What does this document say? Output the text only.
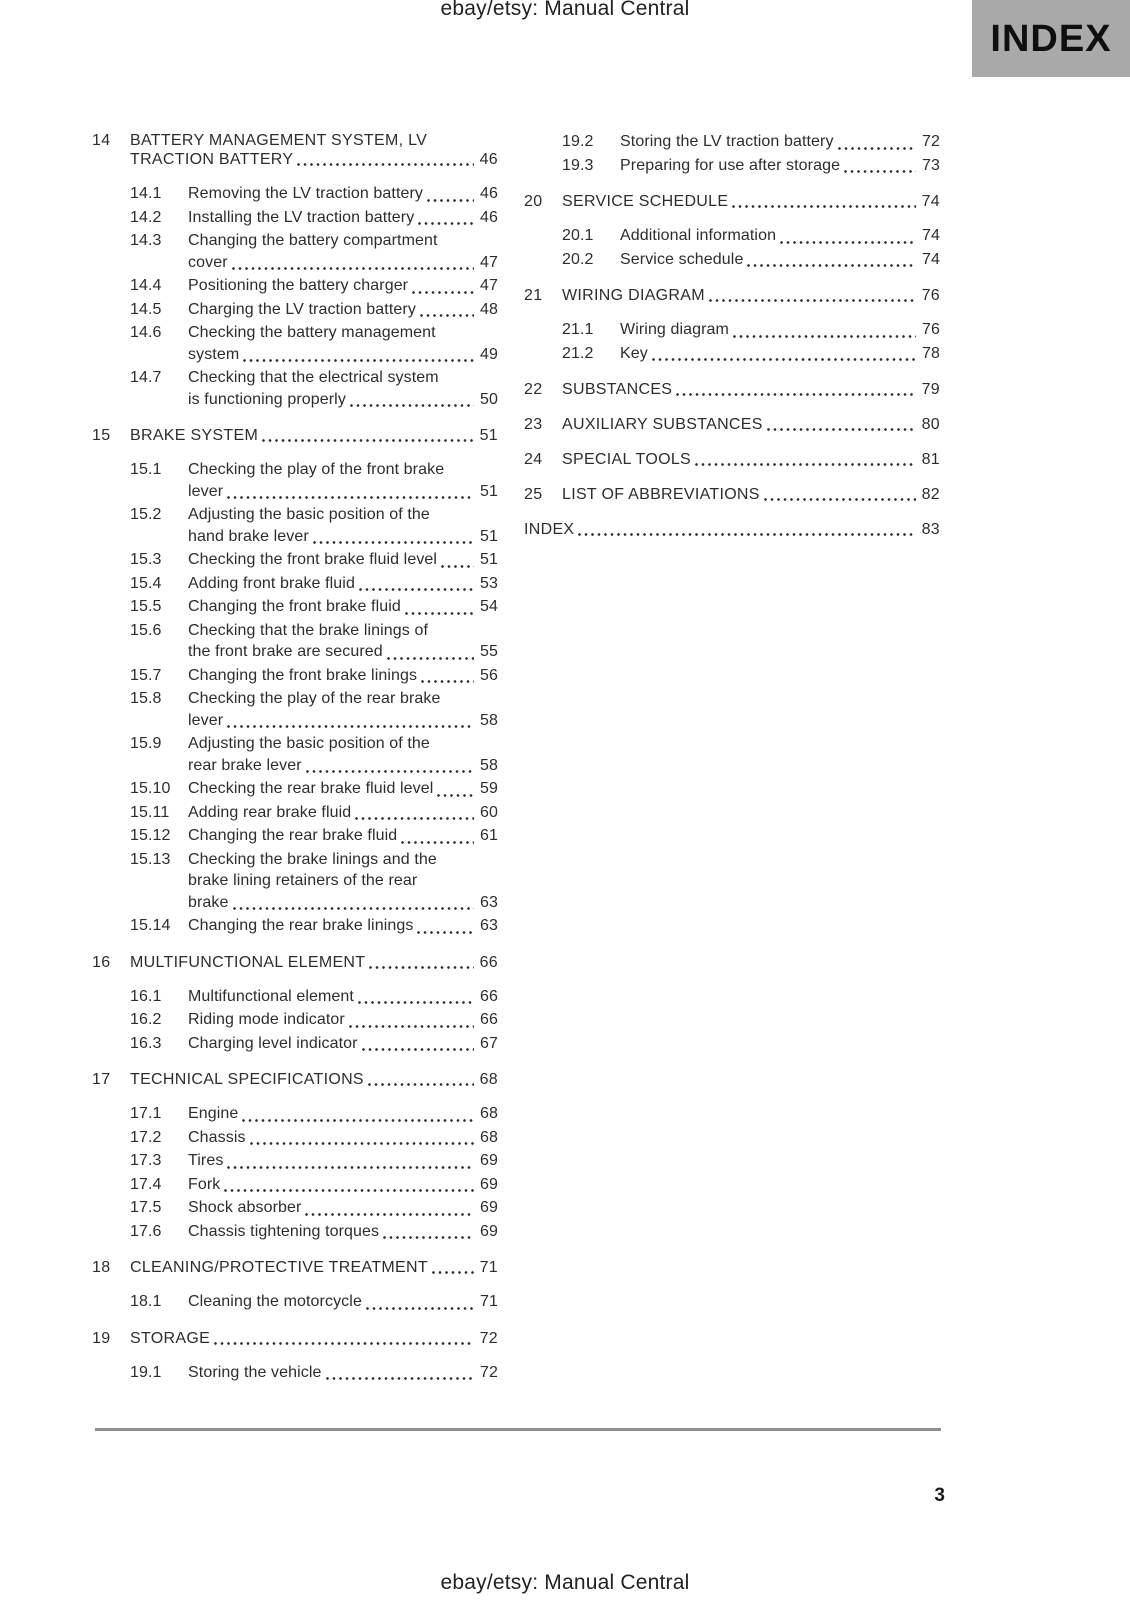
ebay/etsy: Manual Central
INDEX
14	BATTERY MANAGEMENT SYSTEM, LV
TRACTION BATTERY	46
14.1	Removing the LV traction battery	46
14.2	Installing the LV traction battery	46
14.3	Changing the battery compartment
cover	47
14.4	Positioning the battery charger	47
14.5	Charging the LV traction battery	48
14.6	Checking the battery management
system	49
14.7	Checking that the electrical system
is functioning properly	50
15	BRAKE SYSTEM	51
15.1	Checking the play of the front brake
lever	51
15.2	Adjusting the basic position of the
hand brake lever	51
15.3	Checking the front brake fluid level	51
15.4	Adding front brake fluid	53
15.5	Changing the front brake fluid	54
15.6	Checking that the brake linings of
the front brake are secured	55
15.7	Changing the front brake linings	56
15.8	Checking the play of the rear brake
lever	58
15.9	Adjusting the basic position of the
rear brake lever	58
15.10	Checking the rear brake fluid level	59
15.11	Adding rear brake fluid	60
15.12	Changing the rear brake fluid	61
15.13	Checking the brake linings and the
brake lining retainers of the rear
brake	63
15.14	Changing the rear brake linings	63
16	MULTIFUNCTIONAL ELEMENT	66
16.1	Multifunctional element	66
16.2	Riding mode indicator	66
16.3	Charging level indicator	67
17	TECHNICAL SPECIFICATIONS	68
17.1	Engine	68
17.2	Chassis	68
17.3	Tires	69
17.4	Fork	69
17.5	Shock absorber	69
17.6	Chassis tightening torques	69
18	CLEANING/PROTECTIVE TREATMENT	71
18.1	Cleaning the motorcycle	71
19	STORAGE	72
19.1	Storing the vehicle	72
19.2	Storing the LV traction battery	72
19.3	Preparing for use after storage	73
20	SERVICE SCHEDULE	74
20.1	Additional information	74
20.2	Service schedule	74
21	WIRING DIAGRAM	76
21.1	Wiring diagram	76
21.2	Key	78
22	SUBSTANCES	79
23	AUXILIARY SUBSTANCES	80
24	SPECIAL TOOLS	81
25	LIST OF ABBREVIATIONS	82
INDEX	83
3
ebay/etsy: Manual Central
